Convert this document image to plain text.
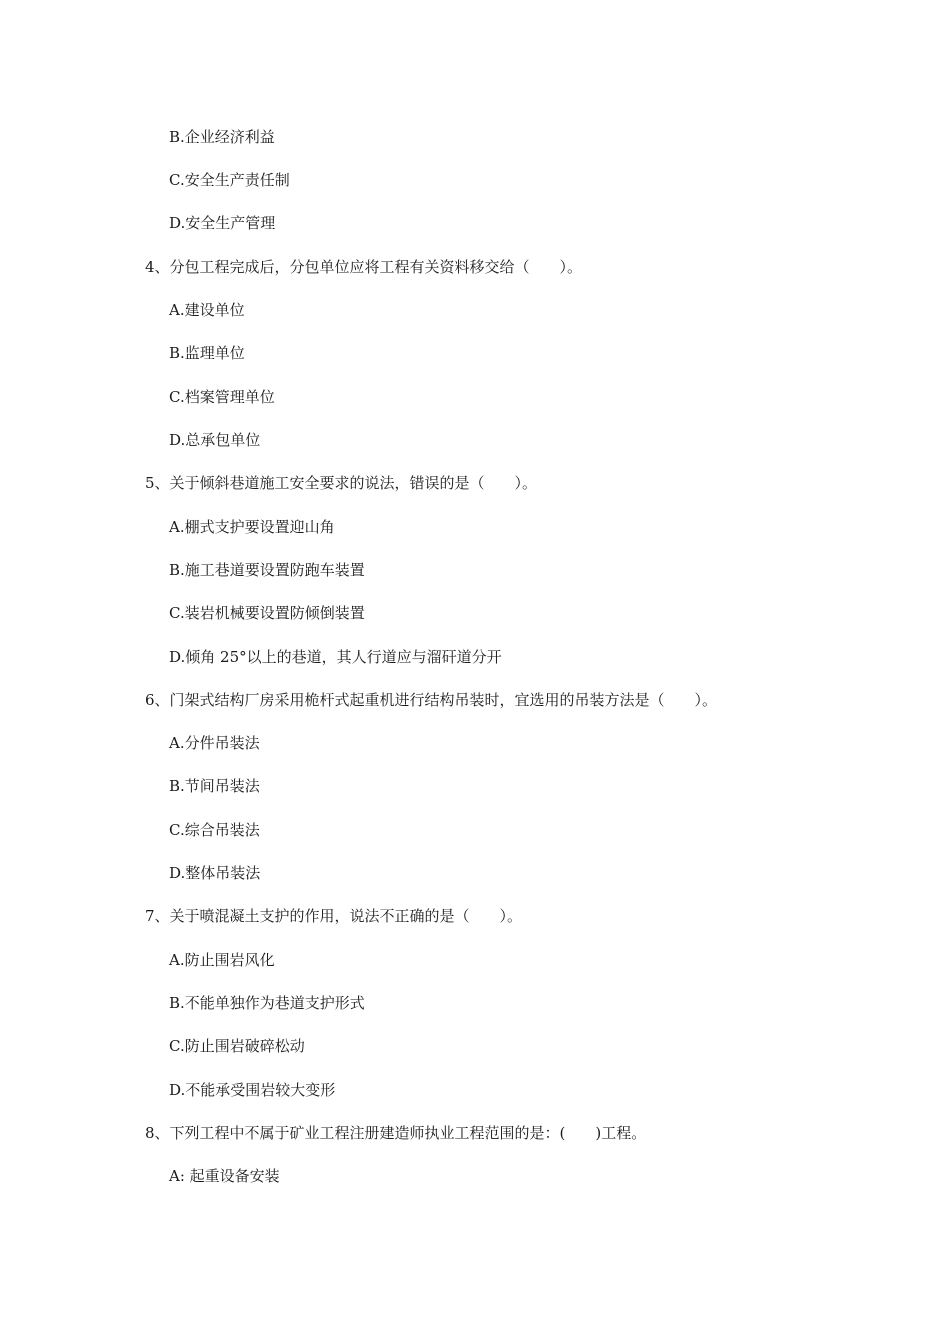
B.企业经济利益
C.安全生产责任制
D.安全生产管理
4、分包工程完成后，分包单位应将工程有关资料移交给（　　）。
A.建设单位
B.监理单位
C.档案管理单位
D.总承包单位
5、关于倾斜巷道施工安全要求的说法，错误的是（　　）。
A.棚式支护要设置迎山角
B.施工巷道要设置防跑车装置
C.装岩机械要设置防倾倒装置
D.倾角 25°以上的巷道，其人行道应与溜矸道分开
6、门架式结构厂房采用桅杆式起重机进行结构吊装时，宜选用的吊装方法是（　　）。
A.分件吊装法
B.节间吊装法
C.综合吊装法
D.整体吊装法
7、关于喷混凝土支护的作用，说法不正确的是（　　）。
A.防止围岩风化
B.不能单独作为巷道支护形式
C.防止围岩破碎松动
D.不能承受围岩较大变形
8、下列工程中不属于矿业工程注册建造师执业工程范围的是：(　　)工程。
A: 起重设备安装
